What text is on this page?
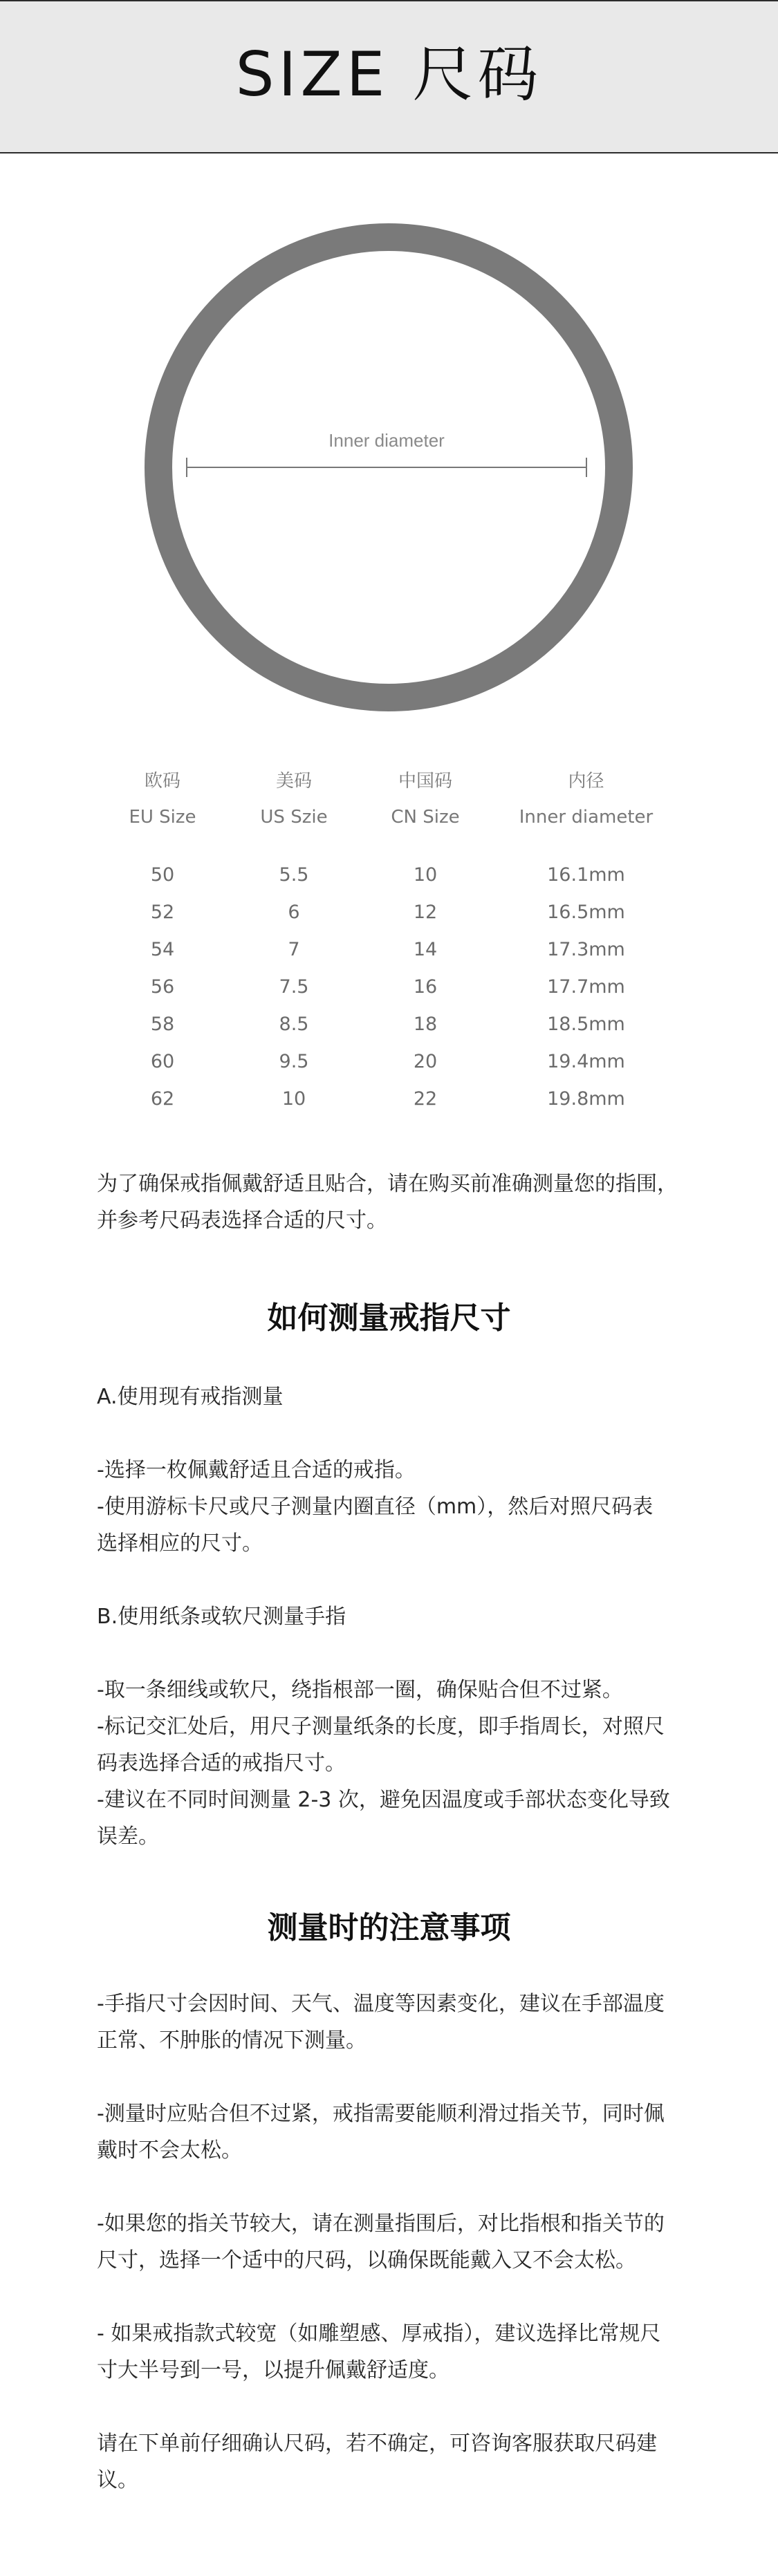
SIZE 尺码
Inner diameter
欧码	美码	中国码	内径
EU Size	US Szie	CN Size	Inner diameter
50	5.5	10	16.1mm
52	6	12	16.5mm
54	7	14	17.3mm
56	7.5	16	17.7mm
58	8.5	18	18.5mm
60	9.5	20	19.4mm
62	10	22	19.8mm

为了确保戒指佩戴舒适且贴合，请在购买前准确测量您的指围，

并参考尺码表选择合适的尺寸。

如何测量戒指尺寸

A.使用现有戒指测量

-选择一枚佩戴舒适且合适的戒指。

-使用游标卡尺或尺子测量内圈直径（mm），然后对照尺码表

选择相应的尺寸。

B.使用纸条或软尺测量手指

-取一条细线或软尺，绕指根部一圈，确保贴合但不过紧。

-标记交汇处后，用尺子测量纸条的长度，即手指周长，对照尺

码表选择合适的戒指尺寸。

-建议在不同时间测量 2-3 次，避免因温度或手部状态变化导致

误差。

测量时的注意事项

-手指尺寸会因时间、天气、温度等因素变化，建议在手部温度

正常、不肿胀的情况下测量。

-测量时应贴合但不过紧，戒指需要能顺利滑过指关节，同时佩

戴时不会太松。

-如果您的指关节较大，请在测量指围后，对比指根和指关节的

尺寸，选择一个适中的尺码，以确保既能戴入又不会太松。

- 如果戒指款式较宽（如雕塑感、厚戒指），建议选择比常规尺

寸大半号到一号，以提升佩戴舒适度。

请在下单前仔细确认尺码，若不确定，可咨询客服获取尺码建

议。
